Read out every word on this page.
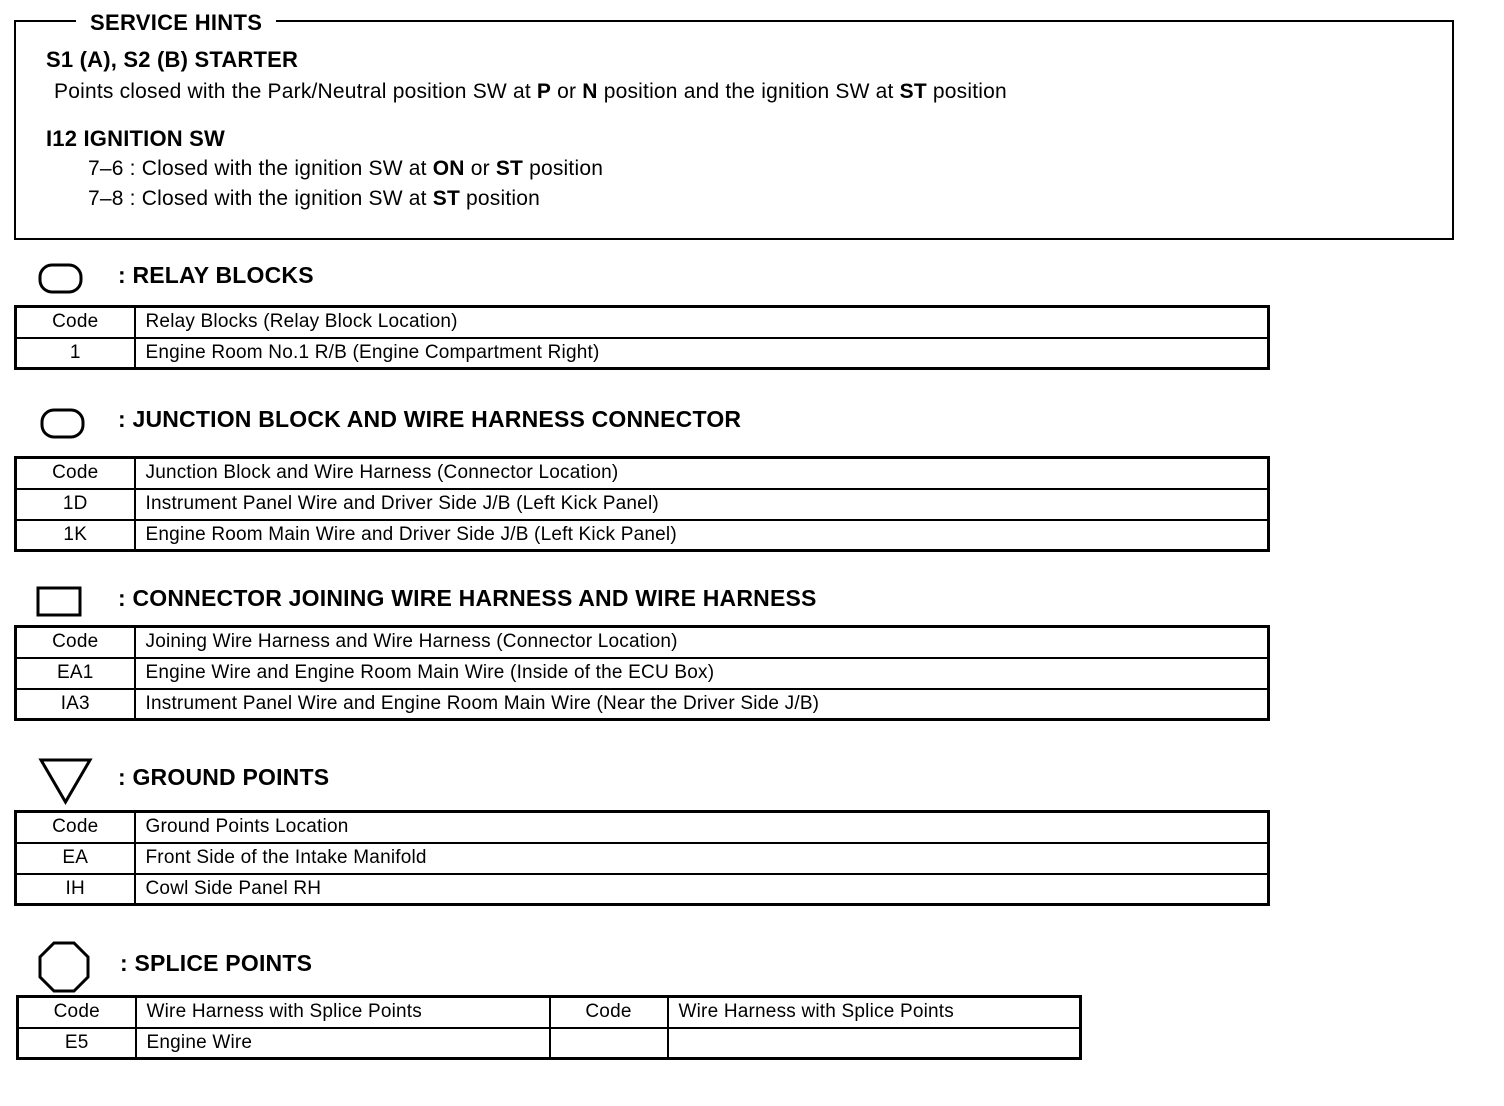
SERVICE HINTS
S1 (A), S2 (B) STARTER
Points closed with the Park/Neutral position SW at P or N position and the ignition SW at ST position
I12 IGNITION SW
7–6 : Closed with the ignition SW at ON or ST position
7–8 : Closed with the ignition SW at ST position
: RELAY BLOCKS
Code	Relay Blocks (Relay Block Location)
1	Engine Room No.1 R/B (Engine Compartment Right)
: JUNCTION BLOCK AND WIRE HARNESS CONNECTOR
Code	Junction Block and Wire Harness (Connector Location)
1D	Instrument Panel Wire and Driver Side J/B (Left Kick Panel)
1K	Engine Room Main Wire and Driver Side J/B (Left Kick Panel)
: CONNECTOR JOINING WIRE HARNESS AND WIRE HARNESS
Code	Joining Wire Harness and Wire Harness (Connector Location)
EA1	Engine Wire and Engine Room Main Wire (Inside of the ECU Box)
IA3	Instrument Panel Wire and Engine Room Main Wire (Near the Driver Side J/B)
: GROUND POINTS
Code	Ground Points Location
EA	Front Side of the Intake Manifold
IH	Cowl Side Panel RH
: SPLICE POINTS
Code	Wire Harness with Splice Points	Code	Wire Harness with Splice Points
E5	Engine Wire		
